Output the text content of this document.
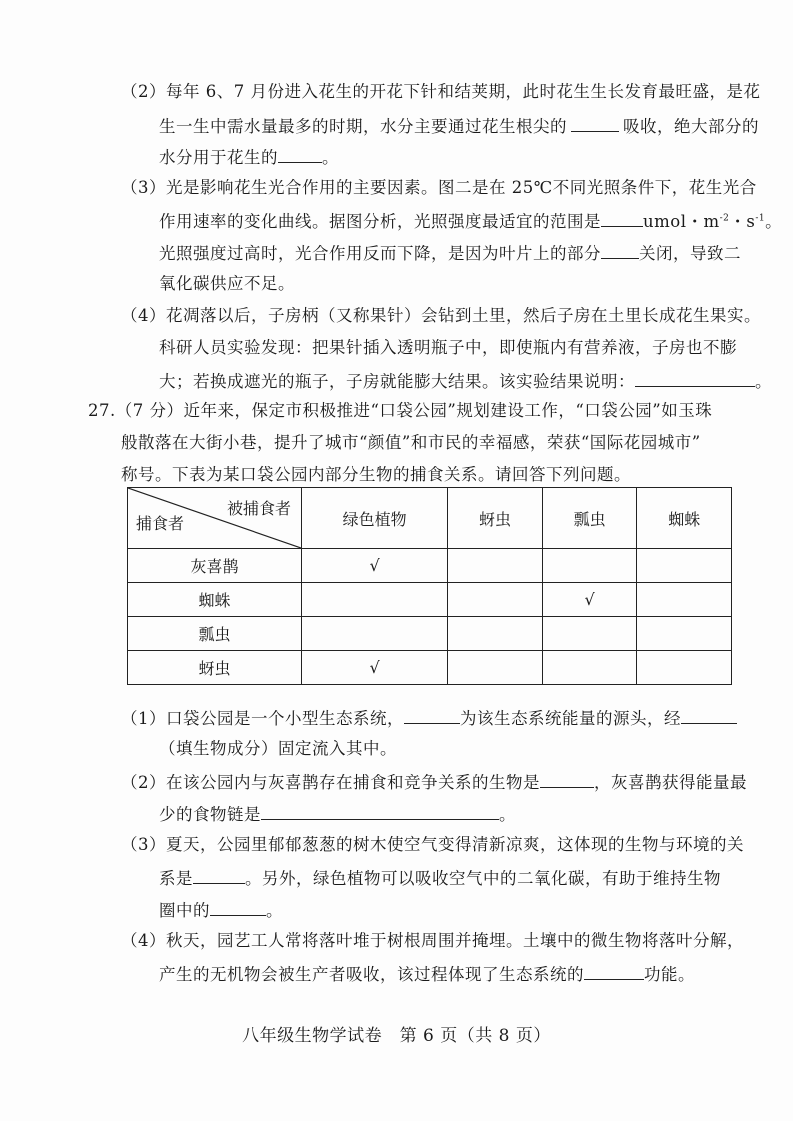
（2）每年 6、7 月份进入花生的开花下针和结荚期，此时花生生长发育最旺盛，是花
生一生中需水量最多的时期，水分主要通过花生根尖的	吸收，绝大部分的
水分用于花生的	。
（3）光是影响花生光合作用的主要因素。图二是在 25℃不同光照条件下，花生光合
作用速率的变化曲线。据图分析，光照强度最适宜的范围是	umol・$m^{-2}$・$s^{-1}$。
光照强度过高时，光合作用反而下降，是因为叶片上的部分 关闭，导致二
氧化碳供应不足。
（4）花凋落以后，子房柄（又称果针）会钻到土里，然后子房在土里长成花生果实。
科研人员实验发现：把果针插入透明瓶子中，即使瓶内有营养液，子房也不膨
大；若换成遮光的瓶子，子房就能膨大结果。该实验结果说明：	。
27.（7 分）近年来，保定市积极推进“口袋公园”规划建设工作，“口袋公园”如玉珠
般散落在大街小巷，提升了城市“颜值”和市民的幸福感，荣获“国际花园城市”
称号。下表为某口袋公园内部分生物的捕食关系。请回答下列问题。
被捕食者
捕食者	绿色植物	蚜虫	瓢虫	蜘蛛
灰喜鹊	√			
蜘蛛			√	
瓢虫				
蚜虫	√			
（1）口袋公园是一个小型生态系统，	为该生态系统能量的源头，经
（填生物成分）固定流入其中。
（2）在该公园内与灰喜鹊存在捕食和竞争关系的生物是	，灰喜鹊获得能量最
少的食物链是	。
（3）夏天，公园里郁郁葱葱的树木使空气变得清新凉爽，这体现的生物与环境的关
系是	。另外，绿色植物可以吸收空气中的二氧化碳，有助于维持生物
圈中的	。
（4）秋天，园艺工人常将落叶堆于树根周围并掩埋。土壤中的微生物将落叶分解，
产生的无机物会被生产者吸收，该过程体现了生态系统的	功能。
八年级生物学试卷　第 6 页（共 8 页）
